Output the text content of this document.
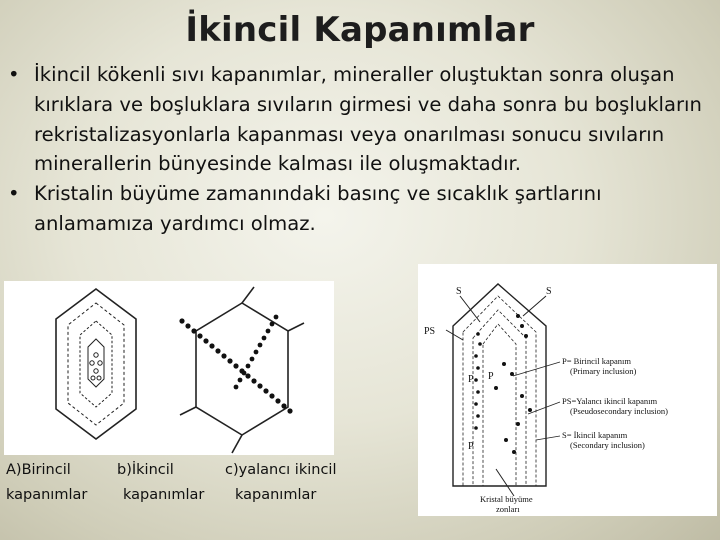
İkincil Kapanımlar
• İkincil kökenli sıvı kapanımlar, mineraller oluştuktan sonra oluşan kırıklara ve boşluklara sıvıların girmesi ve daha sonra bu boşlukların rekristalizasyonlarla kapanması veya onarılması sonucu sıvıların minerallerin bünyesinde kalması ile oluşmaktadır.
• Kristalin büyüme zamanındaki basınç ve sıcaklık şartlarını anlamamıza yardımcı olmaz.
A)Birincil
kapanımlar
b)İkincil
kapanımlar
c)yalancı ikincil
kapanımlar
S	S
PS
P
P
P
P= Birincil kapanım
(Primary inclusion)
PS=Yalancı ikincil kapanım
(Pseudosecondary inclusion)
S= İkincil kapanım
(Secondary inclusion)
Kristal büyüme
zonları
